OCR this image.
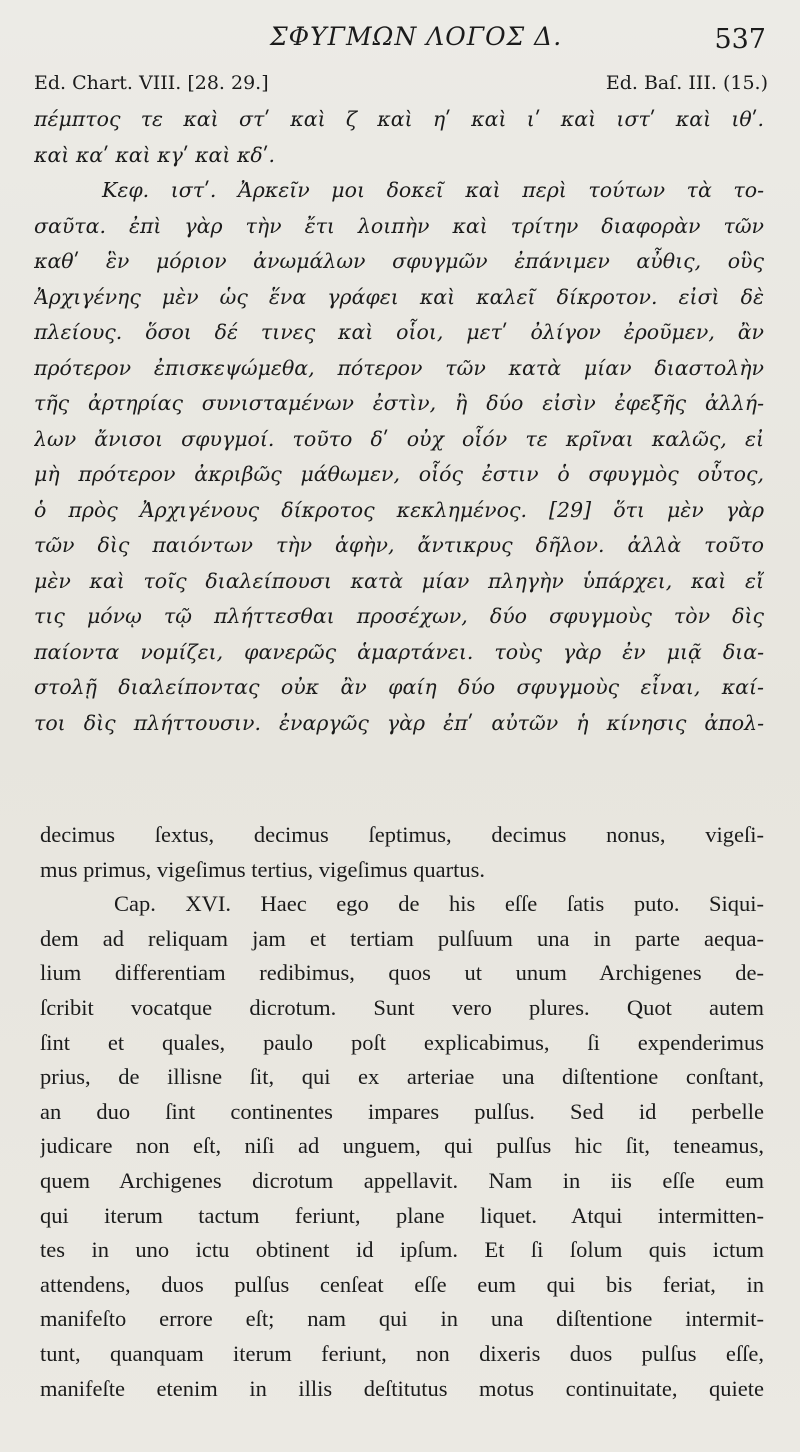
ΣΦΥΓΜΩΝ ΛΟΓΟΣ Δ.	537
Ed. Chart. VIII. [28. 29.]	Ed. Baſ. III. (15.)
πέμπτος τε καὶ στʹ καὶ ζ καὶ ηʹ καὶ ιʹ καὶ ιστʹ καὶ ιθʹ.
καὶ καʹ καὶ κγʹ καὶ κδʹ.
Κεφ. ιστʹ. Ἀρκεῖν μοι δοκεῖ καὶ περὶ τούτων τὰ το-
σαῦτα. ἐπὶ γὰρ τὴν ἔτι λοιπὴν καὶ τρίτην διαφορὰν τῶν
καθʹ ἓν μόριον ἀνωμάλων σφυγμῶν ἐπάνιμεν αὖθις, οὓς
Ἀρχιγένης μὲν ὡς ἕνα γράφει καὶ καλεῖ δίκροτον. εἰσὶ δὲ
πλείους. ὅσοι δέ τινες καὶ οἷοι, μετʹ ὀλίγον ἐροῦμεν, ἂν
πρότερον ἐπισκεψώμεθα, πότερον τῶν κατὰ μίαν διαστολὴν
τῆς ἀρτηρίας συνισταμένων ἐστὶν, ἢ δύο εἰσὶν ἐφεξῆς ἀλλή-
λων ἄνισοι σφυγμοί. τοῦτο δʹ οὐχ οἷόν τε κρῖναι καλῶς, εἰ
μὴ πρότερον ἀκριβῶς μάθωμεν, οἷός ἐστιν ὁ σφυγμὸς οὗτος,
ὁ πρὸς Ἀρχιγένους δίκροτος κεκλημένος. [29] ὅτι μὲν γὰρ
τῶν δὶς παιόντων τὴν ἁφὴν, ἄντικρυς δῆλον. ἀλλὰ τοῦτο
μὲν καὶ τοῖς διαλείπουσι κατὰ μίαν πληγὴν ὑπάρχει, καὶ εἴ
τις μόνῳ τῷ πλήττεσθαι προσέχων, δύο σφυγμοὺς τὸν δὶς
παίοντα νομίζει, φανερῶς ἁμαρτάνει. τοὺς γὰρ ἐν μιᾷ δια-
στολῇ διαλείποντας οὐκ ἂν φαίη δύο σφυγμοὺς εἶναι, καί-
τοι δὶς πλήττουσιν. ἐναργῶς γὰρ ἐπʹ αὐτῶν ἡ κίνησις ἀπολ-
decimus ſextus, decimus ſeptimus, decimus nonus, vigeſi-
mus primus, vigeſimus tertius, vigeſimus quartus.
Cap. XVI. Haec ego de his eſſe ſatis puto. Siqui-
dem ad reliquam jam et tertiam pulſuum una in parte aequa-
lium differentiam redibimus, quos ut unum Archigenes de-
ſcribit vocatque dicrotum. Sunt vero plures. Quot autem
ſint et quales, paulo poſt explicabimus, ſi expenderimus
prius, de illisne ſit, qui ex arteriae una diſtentione conſtant,
an duo ſint continentes impares pulſus. Sed id perbelle
judicare non eſt, niſi ad unguem, qui pulſus hic ſit, teneamus,
quem Archigenes dicrotum appellavit. Nam in iis eſſe eum
qui iterum tactum feriunt, plane liquet. Atqui intermitten-
tes in uno ictu obtinent id ipſum. Et ſi ſolum quis ictum
attendens, duos pulſus cenſeat eſſe eum qui bis feriat, in
manifeſto errore eſt; nam qui in una diſtentione intermit-
tunt, quanquam iterum feriunt, non dixeris duos pulſus eſſe,
manifeſte etenim in illis deſtitutus motus continuitate, quiete
